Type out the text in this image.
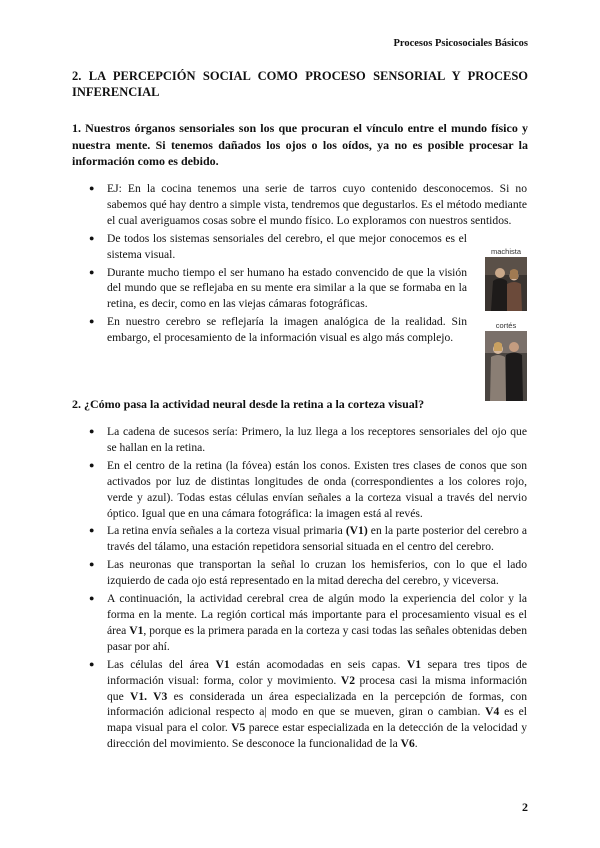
Procesos Psicosociales Básicos
2. LA PERCEPCIÓN SOCIAL COMO PROCESO SENSORIAL Y PROCESO INFERENCIAL
1. Nuestros órganos sensoriales son los que procuran el vínculo entre el mundo físico y nuestra mente. Si tenemos dañados los ojos o los oídos, ya no es posible procesar la información como es debido.
● EJ: En la cocina tenemos una serie de tarros cuyo contenido desconocemos. Si no sabemos qué hay dentro a simple vista, tendremos que degustarlos. Es el método mediante el cual averiguamos cosas sobre el mundo físico. Lo exploramos con nuestros sentidos.
● De todos los sistemas sensoriales del cerebro, el que mejor conocemos es el sistema visual.
● Durante mucho tiempo el ser humano ha estado convencido de que la visión del mundo que se reflejaba en su mente era similar a la que se formaba en la retina, es decir, como en las viejas cámaras fotográficas.
● En nuestro cerebro se reflejaría la imagen analógica de la realidad. Sin embargo, el procesamiento de la información visual es algo más complejo.
machista
cortés
2. ¿Cómo pasa la actividad neural desde la retina a la corteza visual?
● La cadena de sucesos sería: Primero, la luz llega a los receptores sensoriales del ojo que se hallan en la retina.
● En el centro de la retina (la fóvea) están los conos. Existen tres clases de conos que son activados por luz de distintas longitudes de onda (correspondientes a los colores rojo, verde y azul). Todas estas células envían señales a la corteza visual a través del nervio óptico. Igual que en una cámara fotográfica: la imagen está al revés.
● La retina envía señales a la corteza visual primaria (V1) en la parte posterior del cerebro a través del tálamo, una estación repetidora sensorial situada en el centro del cerebro.
● Las neuronas que transportan la señal lo cruzan los hemisferios, con lo que el lado izquierdo de cada ojo está representado en la mitad derecha del cerebro, y viceversa.
● A continuación, la actividad cerebral crea de algún modo la experiencia del color y la forma en la mente. La región cortical más importante para el procesamiento visual es el área V1, porque es la primera parada en la corteza y casi todas las señales obtenidas deben pasar por ahí.
● Las células del área V1 están acomodadas en seis capas. V1 separa tres tipos de información visual: forma, color y movimiento. V2 procesa casi la misma información que V1. V3 es considerada un área especializada en la percepción de formas, con información adicional respecto a| modo en que se mueven, giran o cambian. V4 es el mapa visual para el color. V5 parece estar especializada en la detección de la velocidad y dirección del movimiento. Se desconoce la funcionalidad de la V6.
2
